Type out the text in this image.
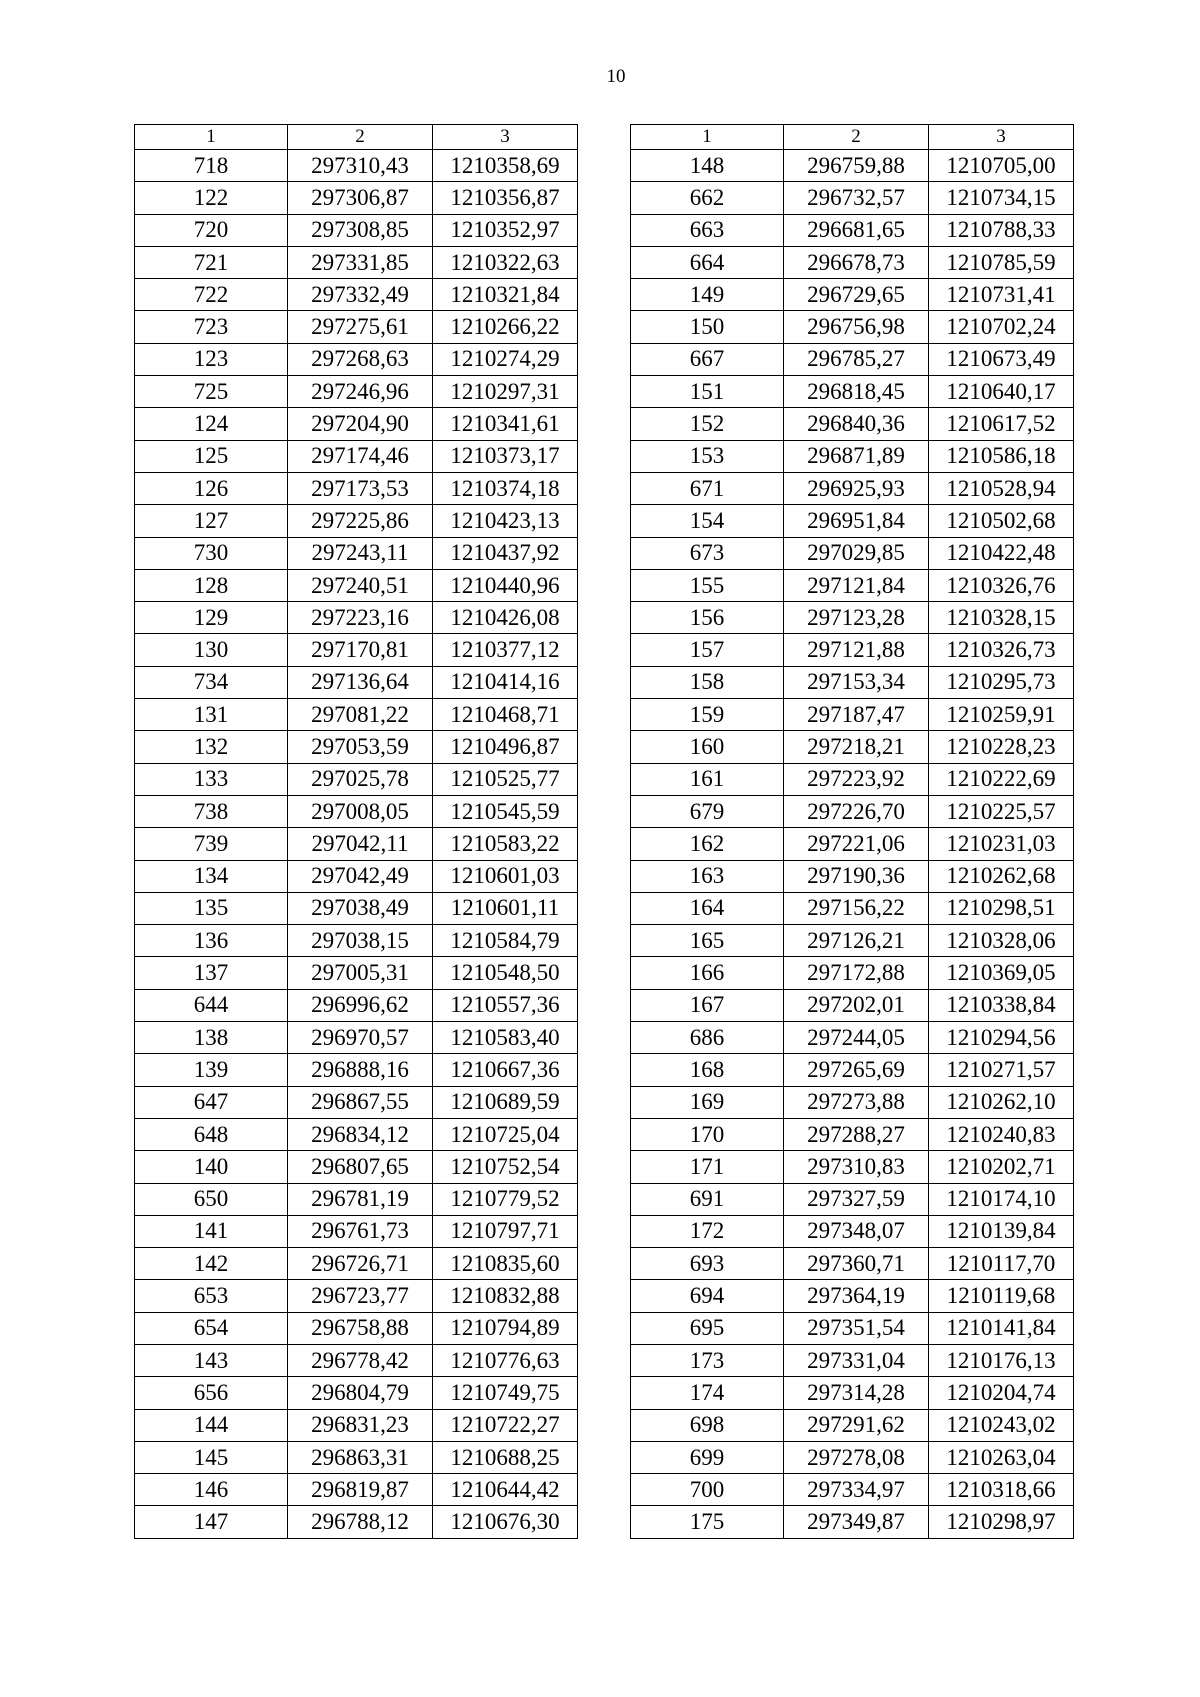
10
1	2	3
718	297310,43	1210358,69
122	297306,87	1210356,87
720	297308,85	1210352,97
721	297331,85	1210322,63
722	297332,49	1210321,84
723	297275,61	1210266,22
123	297268,63	1210274,29
725	297246,96	1210297,31
124	297204,90	1210341,61
125	297174,46	1210373,17
126	297173,53	1210374,18
127	297225,86	1210423,13
730	297243,11	1210437,92
128	297240,51	1210440,96
129	297223,16	1210426,08
130	297170,81	1210377,12
734	297136,64	1210414,16
131	297081,22	1210468,71
132	297053,59	1210496,87
133	297025,78	1210525,77
738	297008,05	1210545,59
739	297042,11	1210583,22
134	297042,49	1210601,03
135	297038,49	1210601,11
136	297038,15	1210584,79
137	297005,31	1210548,50
644	296996,62	1210557,36
138	296970,57	1210583,40
139	296888,16	1210667,36
647	296867,55	1210689,59
648	296834,12	1210725,04
140	296807,65	1210752,54
650	296781,19	1210779,52
141	296761,73	1210797,71
142	296726,71	1210835,60
653	296723,77	1210832,88
654	296758,88	1210794,89
143	296778,42	1210776,63
656	296804,79	1210749,75
144	296831,23	1210722,27
145	296863,31	1210688,25
146	296819,87	1210644,42
147	296788,12	1210676,30
1	2	3
148	296759,88	1210705,00
662	296732,57	1210734,15
663	296681,65	1210788,33
664	296678,73	1210785,59
149	296729,65	1210731,41
150	296756,98	1210702,24
667	296785,27	1210673,49
151	296818,45	1210640,17
152	296840,36	1210617,52
153	296871,89	1210586,18
671	296925,93	1210528,94
154	296951,84	1210502,68
673	297029,85	1210422,48
155	297121,84	1210326,76
156	297123,28	1210328,15
157	297121,88	1210326,73
158	297153,34	1210295,73
159	297187,47	1210259,91
160	297218,21	1210228,23
161	297223,92	1210222,69
679	297226,70	1210225,57
162	297221,06	1210231,03
163	297190,36	1210262,68
164	297156,22	1210298,51
165	297126,21	1210328,06
166	297172,88	1210369,05
167	297202,01	1210338,84
686	297244,05	1210294,56
168	297265,69	1210271,57
169	297273,88	1210262,10
170	297288,27	1210240,83
171	297310,83	1210202,71
691	297327,59	1210174,10
172	297348,07	1210139,84
693	297360,71	1210117,70
694	297364,19	1210119,68
695	297351,54	1210141,84
173	297331,04	1210176,13
174	297314,28	1210204,74
698	297291,62	1210243,02
699	297278,08	1210263,04
700	297334,97	1210318,66
175	297349,87	1210298,97
